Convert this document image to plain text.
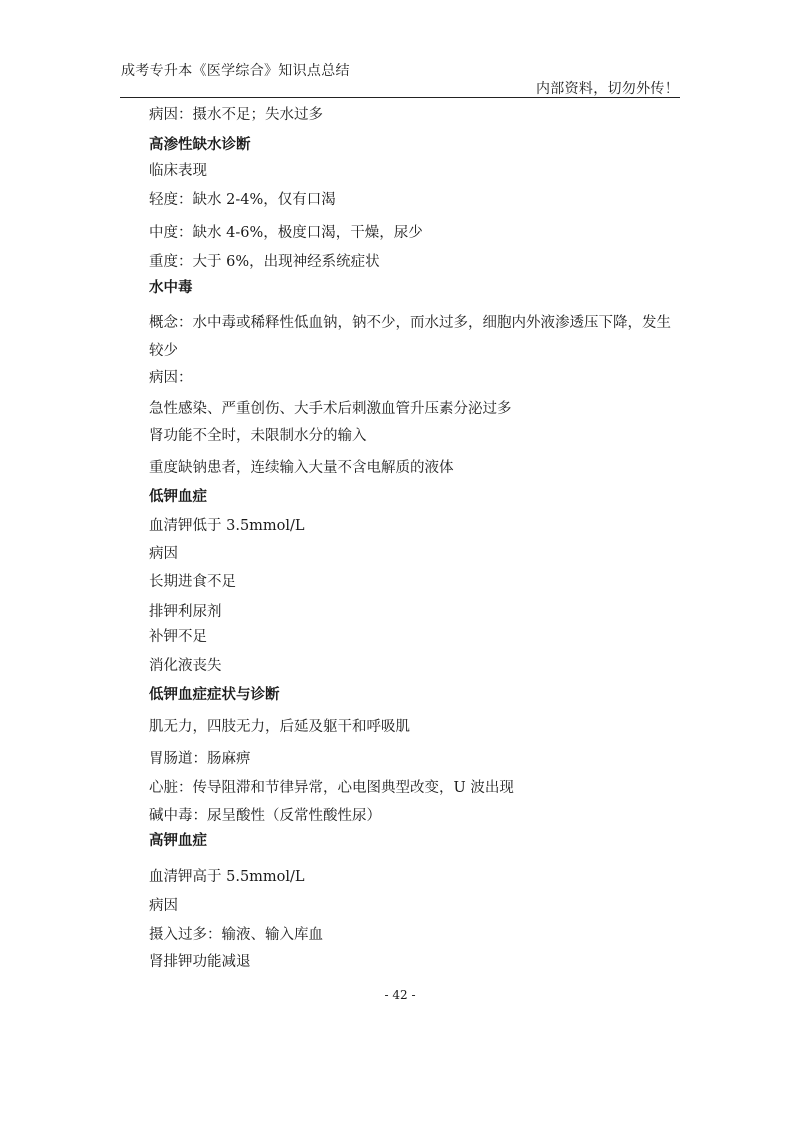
成考专升本《医学综合》知识点总结
内部资料，切勿外传！
病因：摄水不足；失水过多
高渗性缺水诊断
临床表现
轻度：缺水 2-4%，仅有口渴
中度：缺水 4-6%，极度口渴，干燥，尿少
重度：大于 6%，出现神经系统症状
水中毒
概念：水中毒或稀释性低血钠，钠不少，而水过多，细胞内外液渗透压下降，发生
较少
病因：
急性感染、严重创伤、大手术后刺激血管升压素分泌过多
肾功能不全时，未限制水分的输入
重度缺钠患者，连续输入大量不含电解质的液体
低钾血症
血清钾低于 3.5mmol/L
病因
长期进食不足
排钾利尿剂
补钾不足
消化液丧失
低钾血症症状与诊断
肌无力，四肢无力，后延及躯干和呼吸肌
胃肠道：肠麻痹
心脏：传导阻滞和节律异常，心电图典型改变，U 波出现
碱中毒：尿呈酸性（反常性酸性尿）
高钾血症
血清钾高于 5.5mmol/L
病因
摄入过多：输液、输入库血
肾排钾功能减退
- 42 -
